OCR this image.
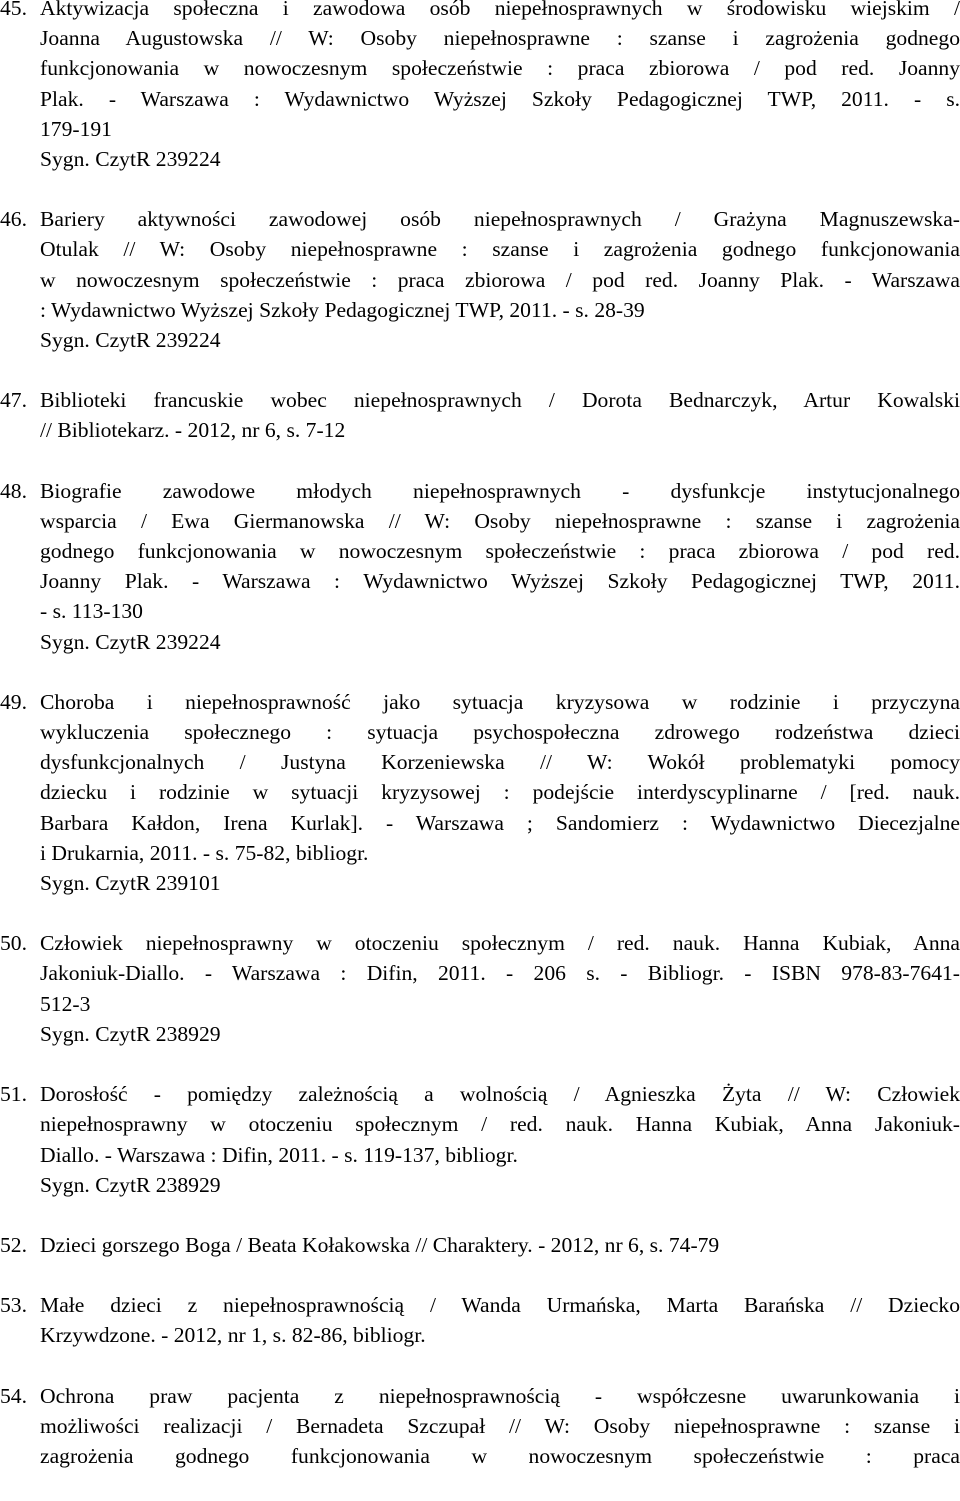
45. Aktywizacja społeczna i zawodowa osób niepełnosprawnych w środowisku wiejskim /
Joanna Augustowska // W: Osoby niepełnosprawne : szanse i zagrożenia godnego
funkcjonowania w nowoczesnym społeczeństwie : praca zbiorowa / pod red. Joanny
Plak. - Warszawa : Wydawnictwo Wyższej Szkoły Pedagogicznej TWP, 2011. - s.
179-191
Sygn. CzytR 239224
46. Bariery aktywności zawodowej osób niepełnosprawnych / Grażyna Magnuszewska-
Otulak // W: Osoby niepełnosprawne : szanse i zagrożenia godnego funkcjonowania
w nowoczesnym społeczeństwie : praca zbiorowa / pod red. Joanny Plak. - Warszawa
: Wydawnictwo Wyższej Szkoły Pedagogicznej TWP, 2011. - s. 28-39
Sygn. CzytR 239224
47. Biblioteki francuskie wobec niepełnosprawnych / Dorota Bednarczyk, Artur Kowalski
// Bibliotekarz. - 2012, nr 6, s. 7-12
48. Biografie zawodowe młodych niepełnosprawnych - dysfunkcje instytucjonalnego
wsparcia / Ewa Giermanowska // W: Osoby niepełnosprawne : szanse i zagrożenia
godnego funkcjonowania w nowoczesnym społeczeństwie : praca zbiorowa / pod red.
Joanny Plak. - Warszawa : Wydawnictwo Wyższej Szkoły Pedagogicznej TWP, 2011.
- s. 113-130
Sygn. CzytR 239224
49. Choroba i niepełnosprawność jako sytuacja kryzysowa w rodzinie i przyczyna
wykluczenia społecznego : sytuacja psychospołeczna zdrowego rodzeństwa dzieci
dysfunkcjonalnych / Justyna Korzeniewska // W: Wokół problematyki pomocy
dziecku i rodzinie w sytuacji kryzysowej : podejście interdyscyplinarne / [red. nauk.
Barbara Kałdon, Irena Kurlak]. - Warszawa ; Sandomierz : Wydawnictwo Diecezjalne
i Drukarnia, 2011. - s. 75-82, bibliogr.
Sygn. CzytR 239101
50. Człowiek niepełnosprawny w otoczeniu społecznym / red. nauk. Hanna Kubiak, Anna
Jakoniuk-Diallo. - Warszawa : Difin, 2011. - 206 s. - Bibliogr. - ISBN 978-83-7641-
512-3
Sygn. CzytR 238929
51. Dorosłość - pomiędzy zależnością a wolnością / Agnieszka Żyta // W: Człowiek
niepełnosprawny w otoczeniu społecznym / red. nauk. Hanna Kubiak, Anna Jakoniuk-
Diallo. - Warszawa : Difin, 2011. - s. 119-137, bibliogr.
Sygn. CzytR 238929
52. Dzieci gorszego Boga / Beata Kołakowska // Charaktery. - 2012, nr 6, s. 74-79
53. Małe dzieci z niepełnosprawnością / Wanda Urmańska, Marta Barańska // Dziecko
Krzywdzone. - 2012, nr 1, s. 82-86, bibliogr.
54. Ochrona praw pacjenta z niepełnosprawnością - współczesne uwarunkowania i
możliwości realizacji / Bernadeta Szczupał // W: Osoby niepełnosprawne : szanse i
zagrożenia godnego funkcjonowania w nowoczesnym społeczeństwie : praca
